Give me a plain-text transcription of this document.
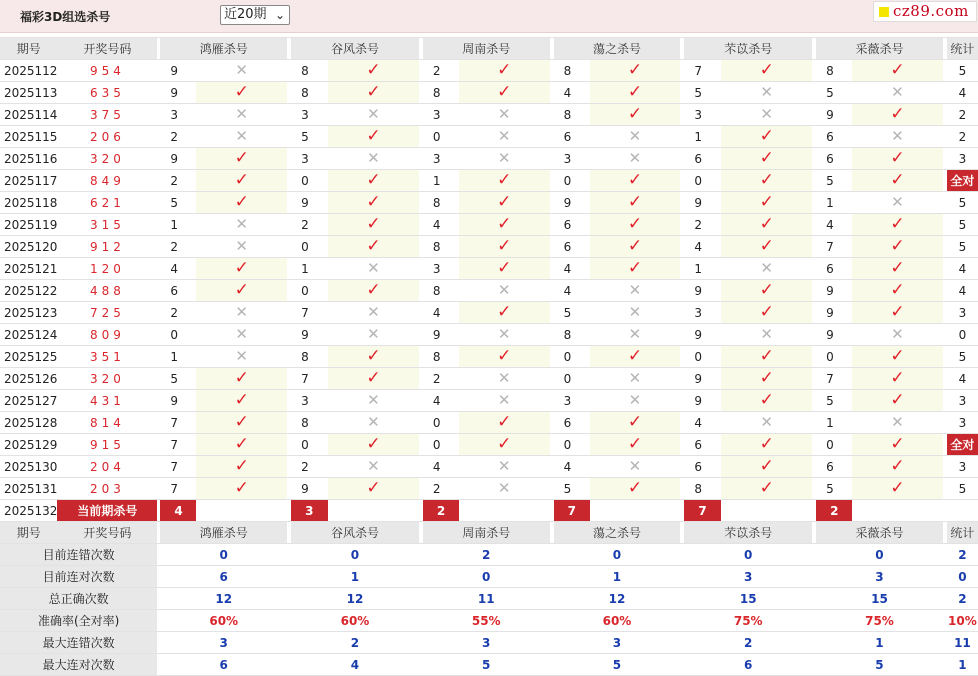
福彩3D组选杀号	近20期 ⌄	cz89.com
期号	开奖号码		鸿雁杀号			谷风杀号			周南杀号			蕩之杀号			芣苡杀号			采薇杀号			统计
2025112	954		9	✕		8	✓		2	✓		8	✓		7	✓		8	✓		5
2025113	635		9	✓		8	✓		8	✓		4	✓		5	✕		5	✕		4
2025114	375		3	✕		3	✕		3	✕		8	✓		3	✕		9	✓		2
2025115	206		2	✕		5	✓		0	✕		6	✕		1	✓		6	✕		2
2025116	320		9	✓		3	✕		3	✕		3	✕		6	✓		6	✓		3
2025117	849		2	✓		0	✓		1	✓		0	✓		0	✓		5	✓		全对
2025118	621		5	✓		9	✓		8	✓		9	✓		9	✓		1	✕		5
2025119	315		1	✕		2	✓		4	✓		6	✓		2	✓		4	✓		5
2025120	912		2	✕		0	✓		8	✓		6	✓		4	✓		7	✓		5
2025121	120		4	✓		1	✕		3	✓		4	✓		1	✕		6	✓		4
2025122	488		6	✓		0	✓		8	✕		4	✕		9	✓		9	✓		4
2025123	725		2	✕		7	✕		4	✓		5	✕		3	✓		9	✓		3
2025124	809		0	✕		9	✕		9	✕		8	✕		9	✕		9	✕		0
2025125	351		1	✕		8	✓		8	✓		0	✓		0	✓		0	✓		5
2025126	320		5	✓		7	✓		2	✕		0	✕		9	✓		7	✓		4
2025127	431		9	✓		3	✕		4	✕		3	✕		9	✓		5	✓		3
2025128	814		7	✓		8	✕		0	✓		6	✓		4	✕		1	✕		3
2025129	915		7	✓		0	✓		0	✓		0	✓		6	✓		0	✓		全对
2025130	204		7	✓		2	✕		4	✕		4	✕		6	✓		6	✓		3
2025131	203		7	✓		9	✓		2	✕		5	✓		8	✓		5	✓		5
2025132	当前期杀号		4			3			2			7			7			2			
期号	开奖号码		鸿雁杀号			谷风杀号			周南杀号			蕩之杀号			芣苡杀号			采薇杀号			统计
目前连错次数			0			0			2			0			0			0			2
目前连对次数			6			1			0			1			3			3			0
总正确次数			12			12			11			12			15			15			2
准确率(全对率)			60%			60%			55%			60%			75%			75%			10%
最大连错次数			3			2			3			3			2			1			11
最大连对次数			6			4			5			5			6			5			1
